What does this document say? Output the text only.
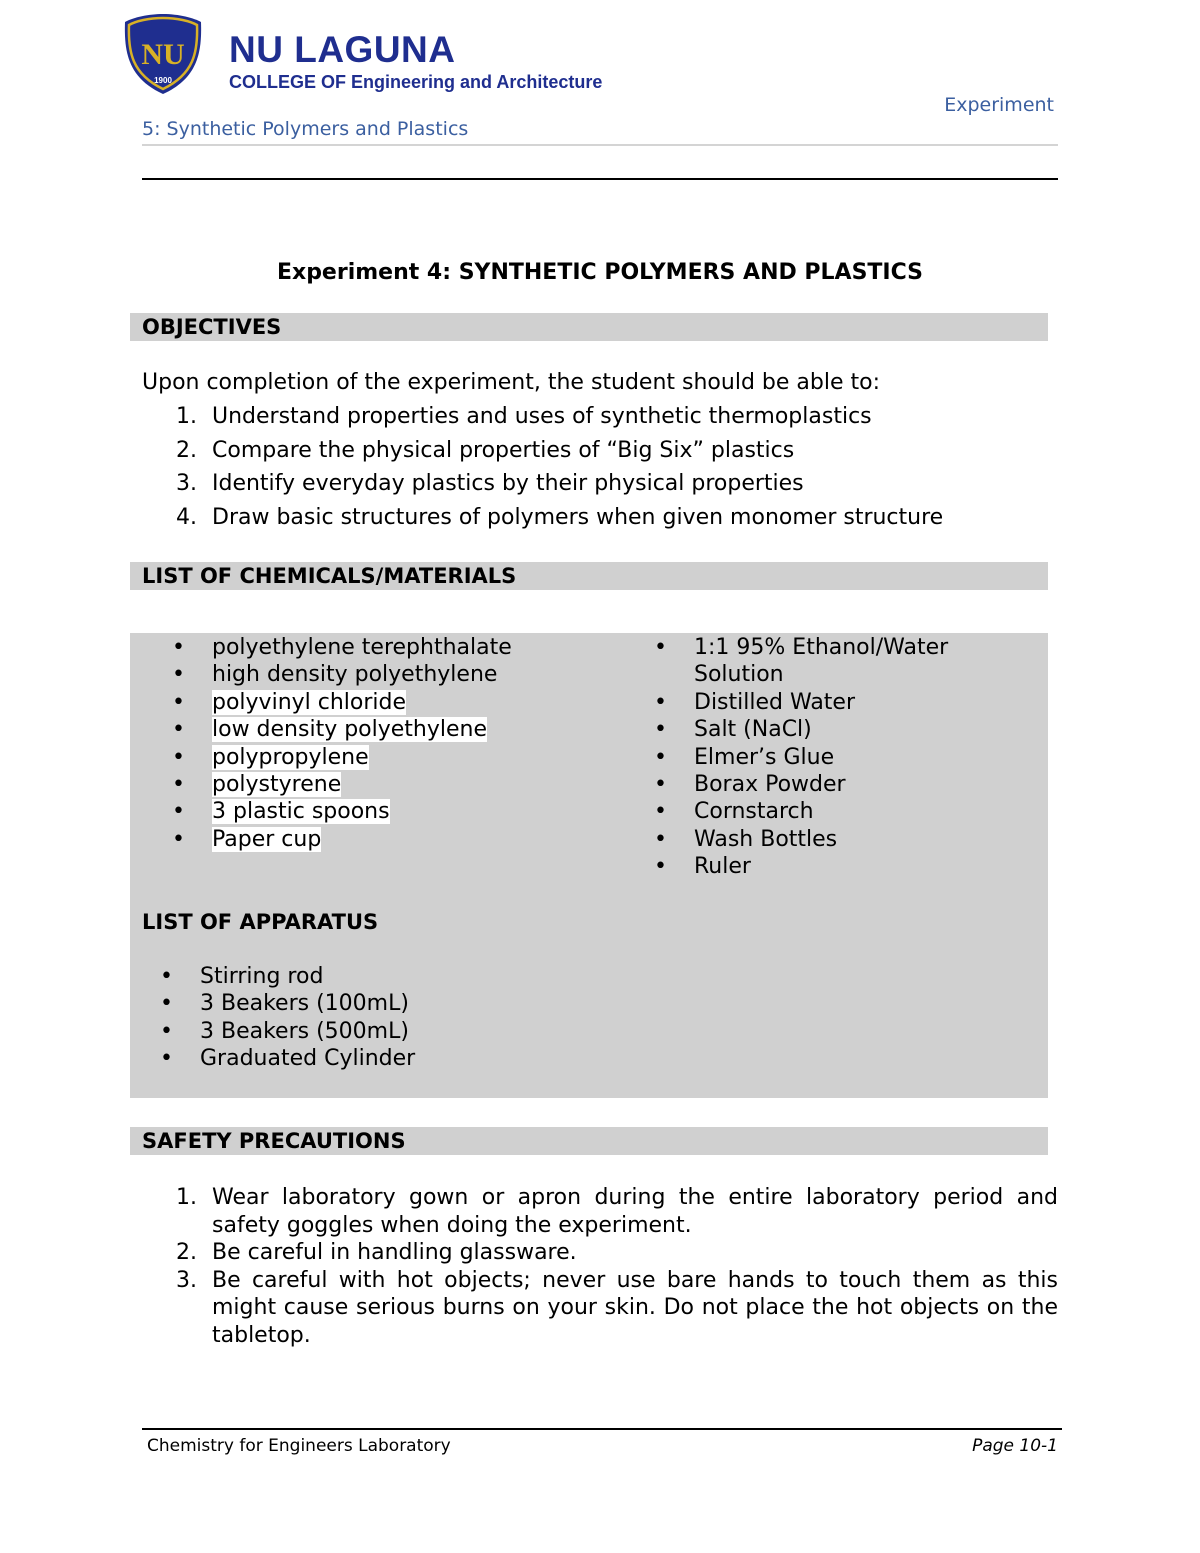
NU
1900
NU LAGUNA
COLLEGE OF Engineering and Architecture
Experiment
5: Synthetic Polymers and Plastics
Experiment 4: SYNTHETIC POLYMERS AND PLASTICS
OBJECTIVES
Upon completion of the experiment, the student should be able to:
1. Understand properties and uses of synthetic thermoplastics
2. Compare the physical properties of “Big Six” plastics
3. Identify everyday plastics by their physical properties
4. Draw basic structures of polymers when given monomer structure
LIST OF CHEMICALS/MATERIALS
• polyethylene terephthalate
• high density polyethylene
• polyvinyl chloride
• low density polyethylene
• polypropylene
• polystyrene
• 3 plastic spoons
• Paper cup
• 1:1 95% Ethanol/Water Solution
• Distilled Water
• Salt (NaCl)
• Elmer’s Glue
• Borax Powder
• Cornstarch
• Wash Bottles
• Ruler
LIST OF APPARATUS
• Stirring rod
• 3 Beakers (100mL)
• 3 Beakers (500mL)
• Graduated Cylinder
SAFETY PRECAUTIONS
1. Wear laboratory gown or apron during the entire laboratory period and safety goggles when doing the experiment.
2. Be careful in handling glassware.
3. Be careful with hot objects; never use bare hands to touch them as this might cause serious burns on your skin. Do not place the hot objects on the tabletop.
Chemistry for Engineers Laboratory	Page 10-1
